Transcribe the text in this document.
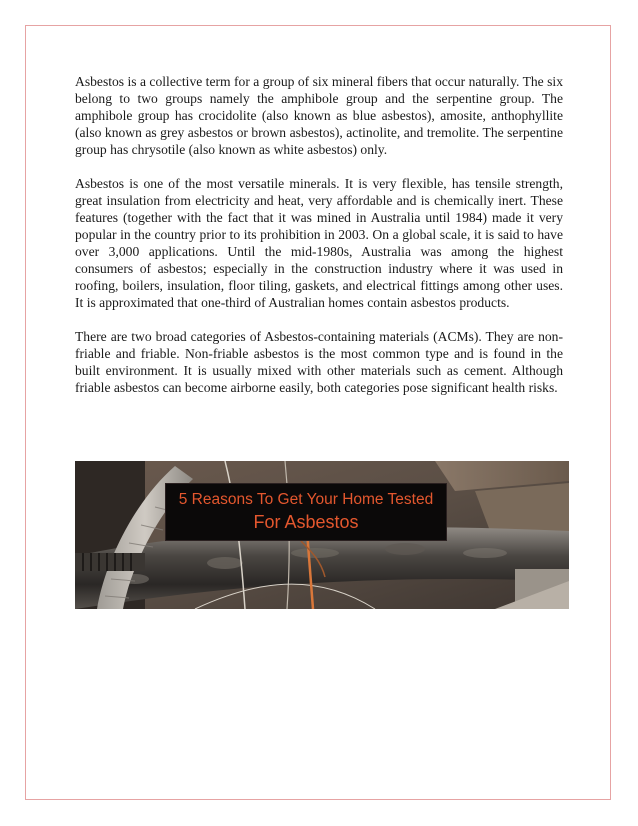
Asbestos is a collective term for a group of six mineral fibers that occur naturally. The six belong to two groups namely the amphibole group and the serpentine group. The amphibole group has crocidolite (also known as blue asbestos), amosite, anthophyllite (also known as grey asbestos or brown asbestos), actinolite, and tremolite. The serpentine group has chrysotile (also known as white asbestos) only.

Asbestos is one of the most versatile minerals. It is very flexible, has tensile strength, great insulation from electricity and heat, very affordable and is chemically inert. These features (together with the fact that it was mined in Australia until 1984) made it very popular in the country prior to its prohibition in 2003. On a global scale, it is said to have over 3,000 applications. Until the mid-1980s, Australia was among the highest consumers of asbestos; especially in the construction industry where it was used in roofing, boilers, insulation, floor tiling, gaskets, and electrical fittings among other uses. It is approximated that one-third of Australian homes contain asbestos products.

There are two broad categories of Asbestos-containing materials (ACMs). They are non-friable and friable. Non-friable asbestos is the most common type and is found in the built environment. It is usually mixed with other materials such as cement. Although friable asbestos can become airborne easily, both categories pose significant health risks.

5 Reasons To Get Your Home Tested
For Asbestos
